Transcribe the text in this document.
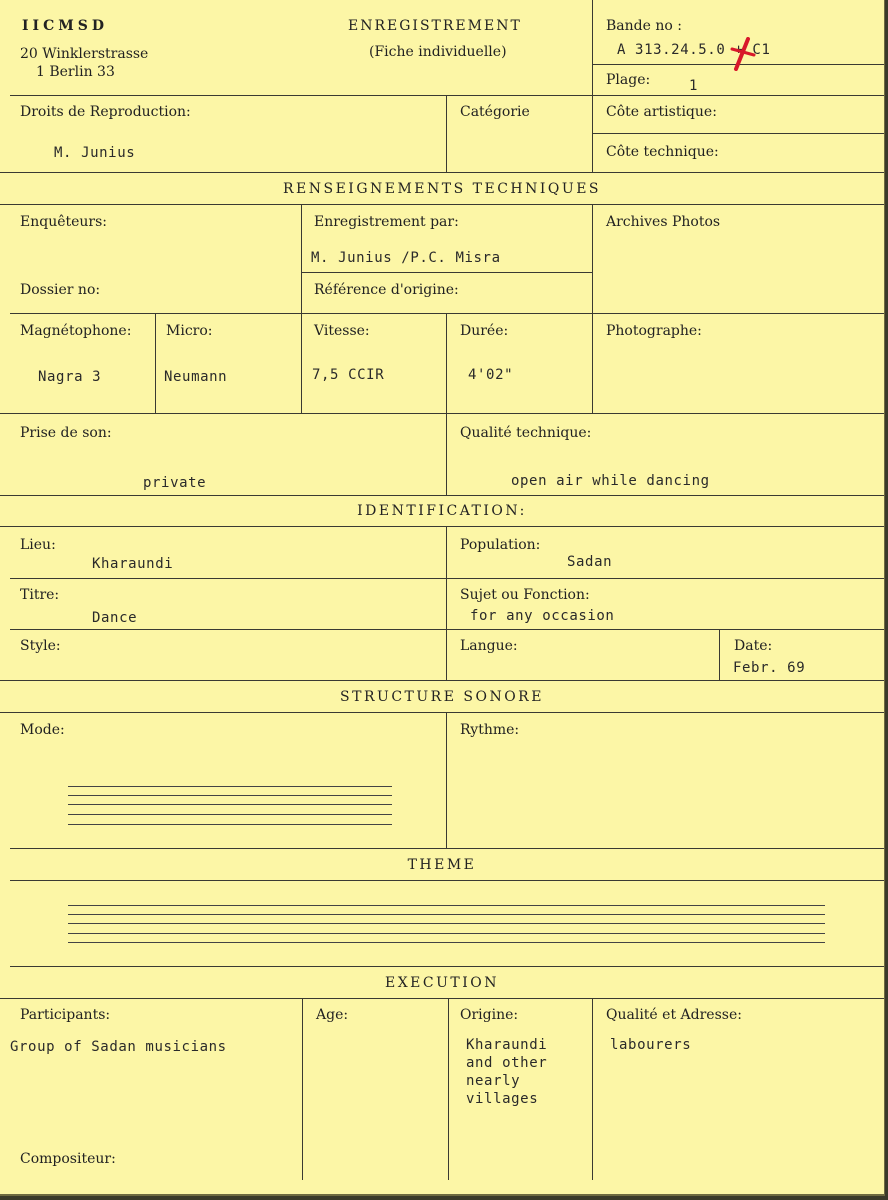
IICMSD
20 Winklerstrasse
1 Berlin 33
ENREGISTREMENT
(Fiche individuelle)
Bande no :
A 313.24.5.0 + C1
Plage:	1
Droits de Reproduction:
M. Junius
Catégorie	Côte artistique:
Côte technique:
RENSEIGNEMENTS TECHNIQUES
Enquêteurs:	Enregistrement par:
M. Junius /P.C. Misra
Archives Photos
Dossier no:	Référence d'origine:
Magnétophone:
Nagra 3
Micro:
Neumann
Vitesse:
7,5 CCIR
Durée:
4'02"
Photographe:
Prise de son:
private
Qualité technique:
open air while dancing
IDENTIFICATION:
Lieu:
Kharaundi
Population:
Sadan
Titre:
Dance
Sujet ou Fonction:
for any occasion
Style:	Langue:	Date:
Febr. 69
STRUCTURE SONORE
Mode:	Rythme:
THEME
EXECUTION
Participants:
Group of Sadan musicians
Age:	Origine:
Kharaundi
and other
nearly
villages
Qualité et Adresse:
labourers
Compositeur:
